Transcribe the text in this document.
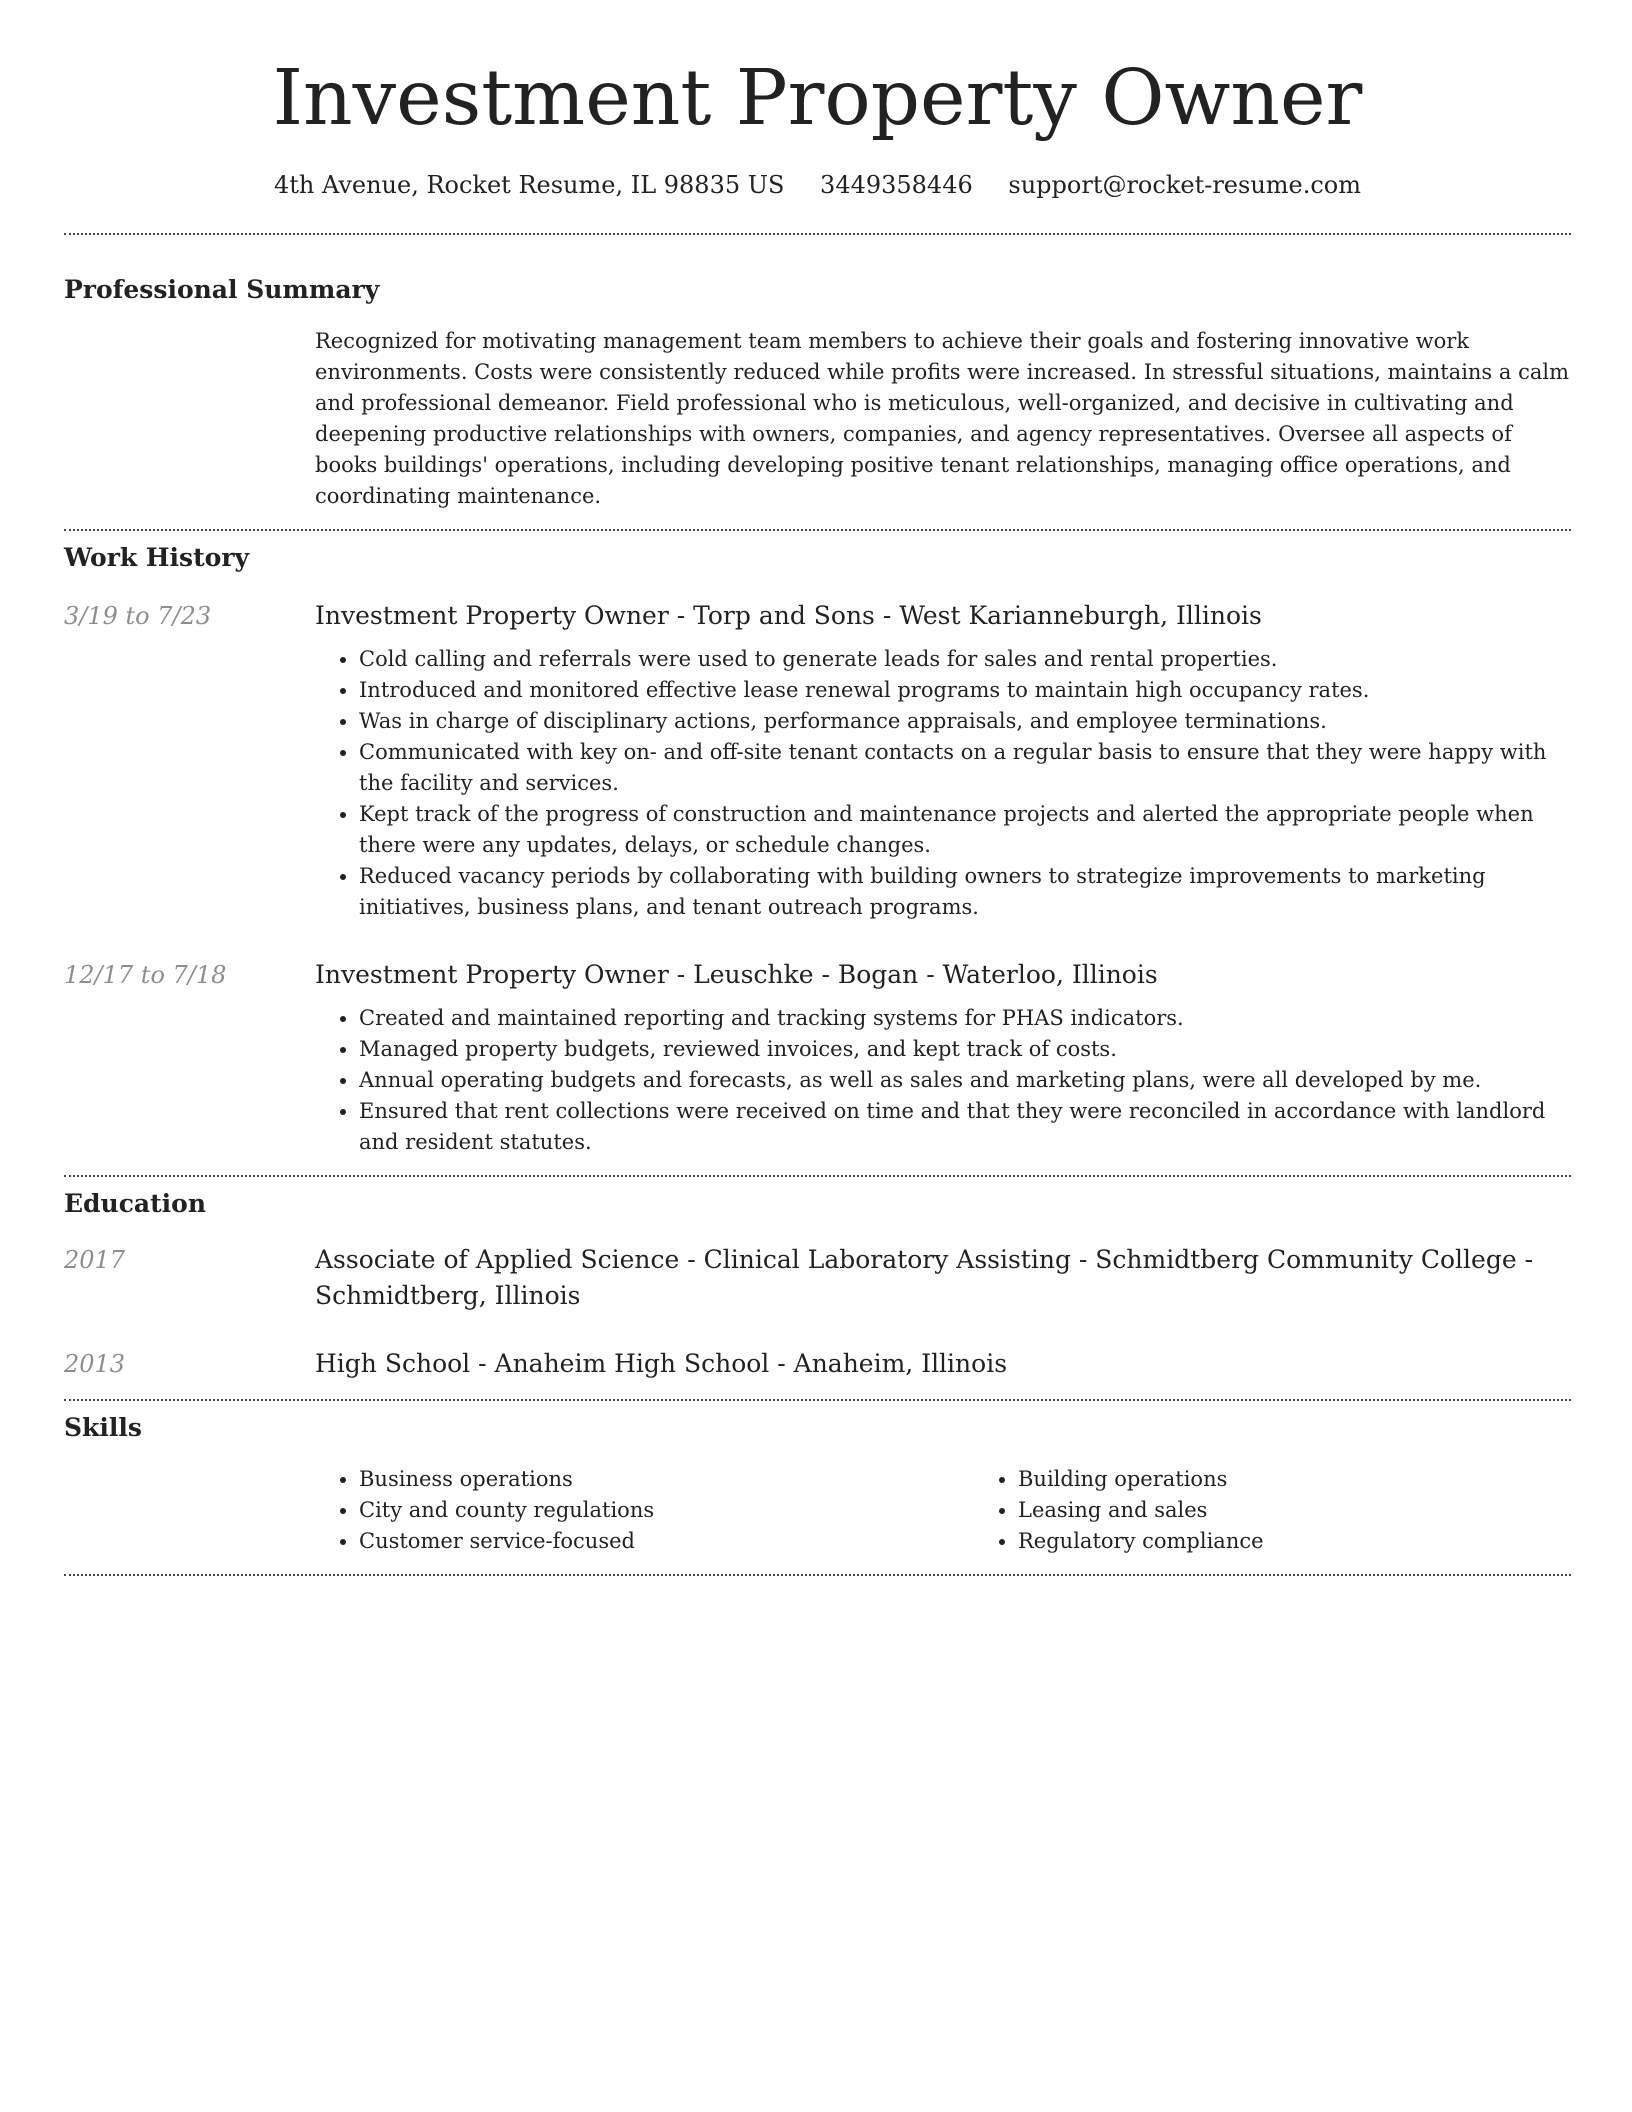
Investment Property Owner
4th Avenue, Rocket Resume, IL 98835 US 3449358446 support@rocket-resume.com
Professional Summary

Recognized for motivating management team members to achieve their goals and fostering innovative work environments. Costs were consistently reduced while profits were increased. In stressful situations, maintains a calm and professional demeanor. Field professional who is meticulous, well-organized, and decisive in cultivating and deepening productive relationships with owners, companies, and agency representatives. Oversee all aspects of books buildings' operations, including developing positive tenant relationships, managing office operations, and coordinating maintenance.

Work History
3/19 to 7/23	Investment Property Owner - Torp and Sons - West Karianneburgh, Illinois

• Cold calling and referrals were used to generate leads for sales and rental properties.
• Introduced and monitored effective lease renewal programs to maintain high occupancy rates.
• Was in charge of disciplinary actions, performance appraisals, and employee terminations.
• Communicated with key on- and off-site tenant contacts on a regular basis to ensure that they were happy with the facility and services.
• Kept track of the progress of construction and maintenance projects and alerted the appropriate people when there were any updates, delays, or schedule changes.
• Reduced vacancy periods by collaborating with building owners to strategize improvements to marketing initiatives, business plans, and tenant outreach programs.
12/17 to 7/18	Investment Property Owner - Leuschke - Bogan - Waterloo, Illinois

• Created and maintained reporting and tracking systems for PHAS indicators.
• Managed property budgets, reviewed invoices, and kept track of costs.
• Annual operating budgets and forecasts, as well as sales and marketing plans, were all developed by me.
• Ensured that rent collections were received on time and that they were reconciled in accordance with landlord and resident statutes.
Education
2017	Associate of Applied Science - Clinical Laboratory Assisting - Schmidtberg Community College - Schmidtberg, Illinois

2013	High School - Anaheim High School - Anaheim, Illinois

Skills
• Business operations
• City and county regulations
• Customer service-focused
• Building operations
• Leasing and sales
• Regulatory compliance
